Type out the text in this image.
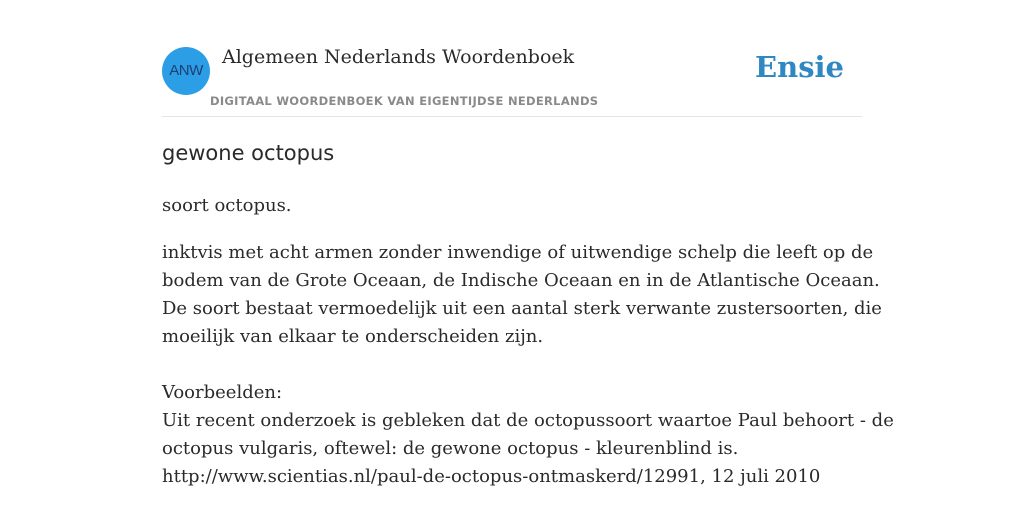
ANW
Algemeen Nederlands Woordenboek
DIGITAAL WOORDENBOEK VAN EIGENTIJDSE NEDERLANDS
Ensie
gewone octopus
soort octopus.
inktvis met acht armen zonder inwendige of uitwendige schelp die leeft op de
bodem van de Grote Oceaan, de Indische Oceaan en in de Atlantische Oceaan.
De soort bestaat vermoedelijk uit een aantal sterk verwante zustersoorten, die
moeilijk van elkaar te onderscheiden zijn.
Voorbeelden:
Uit recent onderzoek is gebleken dat de octopussoort waartoe Paul behoort - de
octopus vulgaris, oftewel: de gewone octopus - kleurenblind is.
http://www.scientias.nl/paul-de-octopus-ontmaskerd/12991, 12 juli 2010
